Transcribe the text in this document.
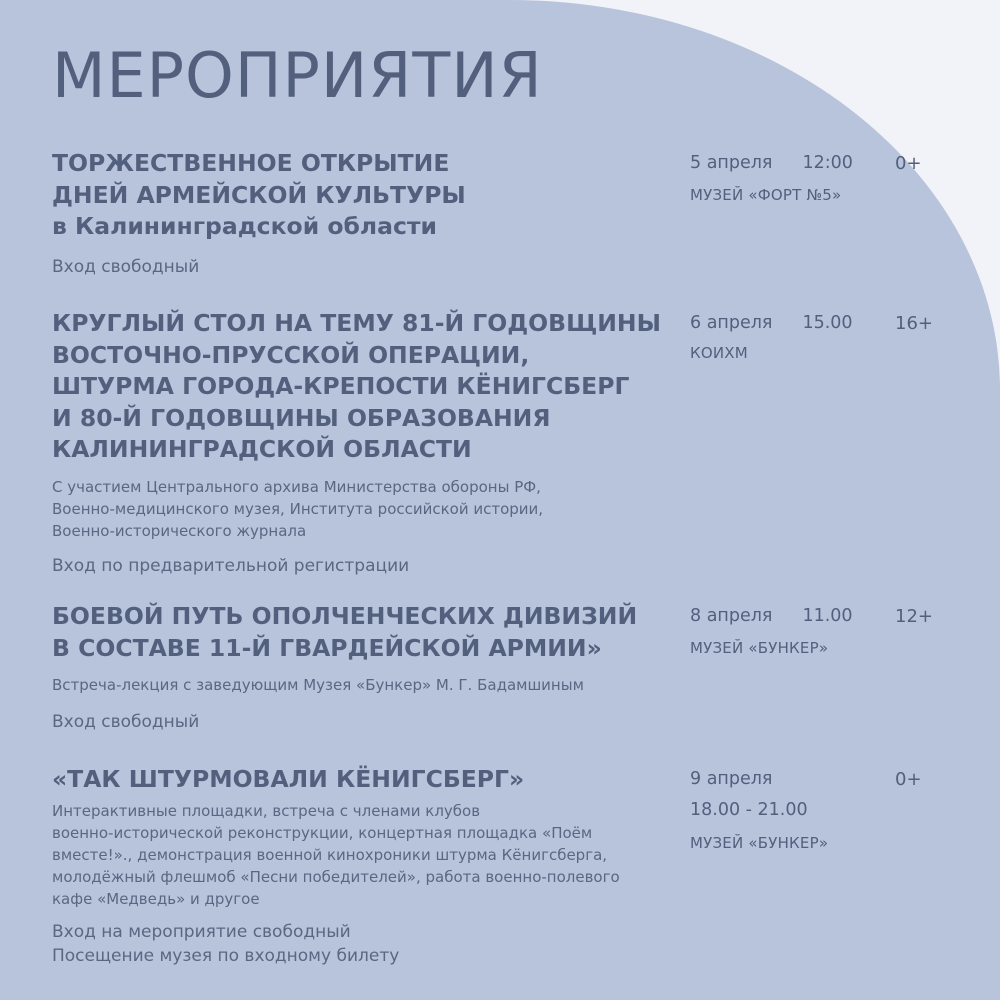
МЕРОПРИЯТИЯ
ТОРЖЕСТВЕННОЕ ОТКРЫТИЕ
ДНЕЙ АРМЕЙСКОЙ КУЛЬТУРЫ
в Калининградской области

Вход свободный

5 апреля 12:00
МУЗЕЙ «ФОРТ №5»
0+
КРУГЛЫЙ СТОЛ НА ТЕМУ 81-Й ГОДОВЩИНЫ
ВОСТОЧНО-ПРУССКОЙ ОПЕРАЦИИ,
ШТУРМА ГОРОДА-КРЕПОСТИ КЁНИГСБЕРГ
И 80-Й ГОДОВЩИНЫ ОБРАЗОВАНИЯ
КАЛИНИНГРАДСКОЙ ОБЛАСТИ

С участием Центрального архива Министерства обороны РФ,
Военно-медицинского музея, Института российской истории,
Военно-исторического журнала

Вход по предварительной регистрации

6 апреля 15.00
КОИХМ
16+
БОЕВОЙ ПУТЬ ОПОЛЧЕНЧЕСКИХ ДИВИЗИЙ
В СОСТАВЕ 11-Й ГВАРДЕЙСКОЙ АРМИИ»

Встреча-лекция с заведующим Музея «Бункер» М. Г. Бадамшиным

Вход свободный

8 апреля 11.00
МУЗЕЙ «БУНКЕР»
12+
«ТАК ШТУРМОВАЛИ КЁНИГСБЕРГ»

Интерактивные площадки, встреча с членами клубов
военно-исторической реконструкции, концертная площадка «Поём
вместе!»., демонстрация военной кинохроники штурма Кёнигсберга,
молодёжный флешмоб «Песни победителей», работа военно-полевого
кафе «Медведь» и другое

Вход на мероприятие свободный
Посещение музея по входному билету

9 апреля
18.00 - 21.00
МУЗЕЙ «БУНКЕР»
0+
